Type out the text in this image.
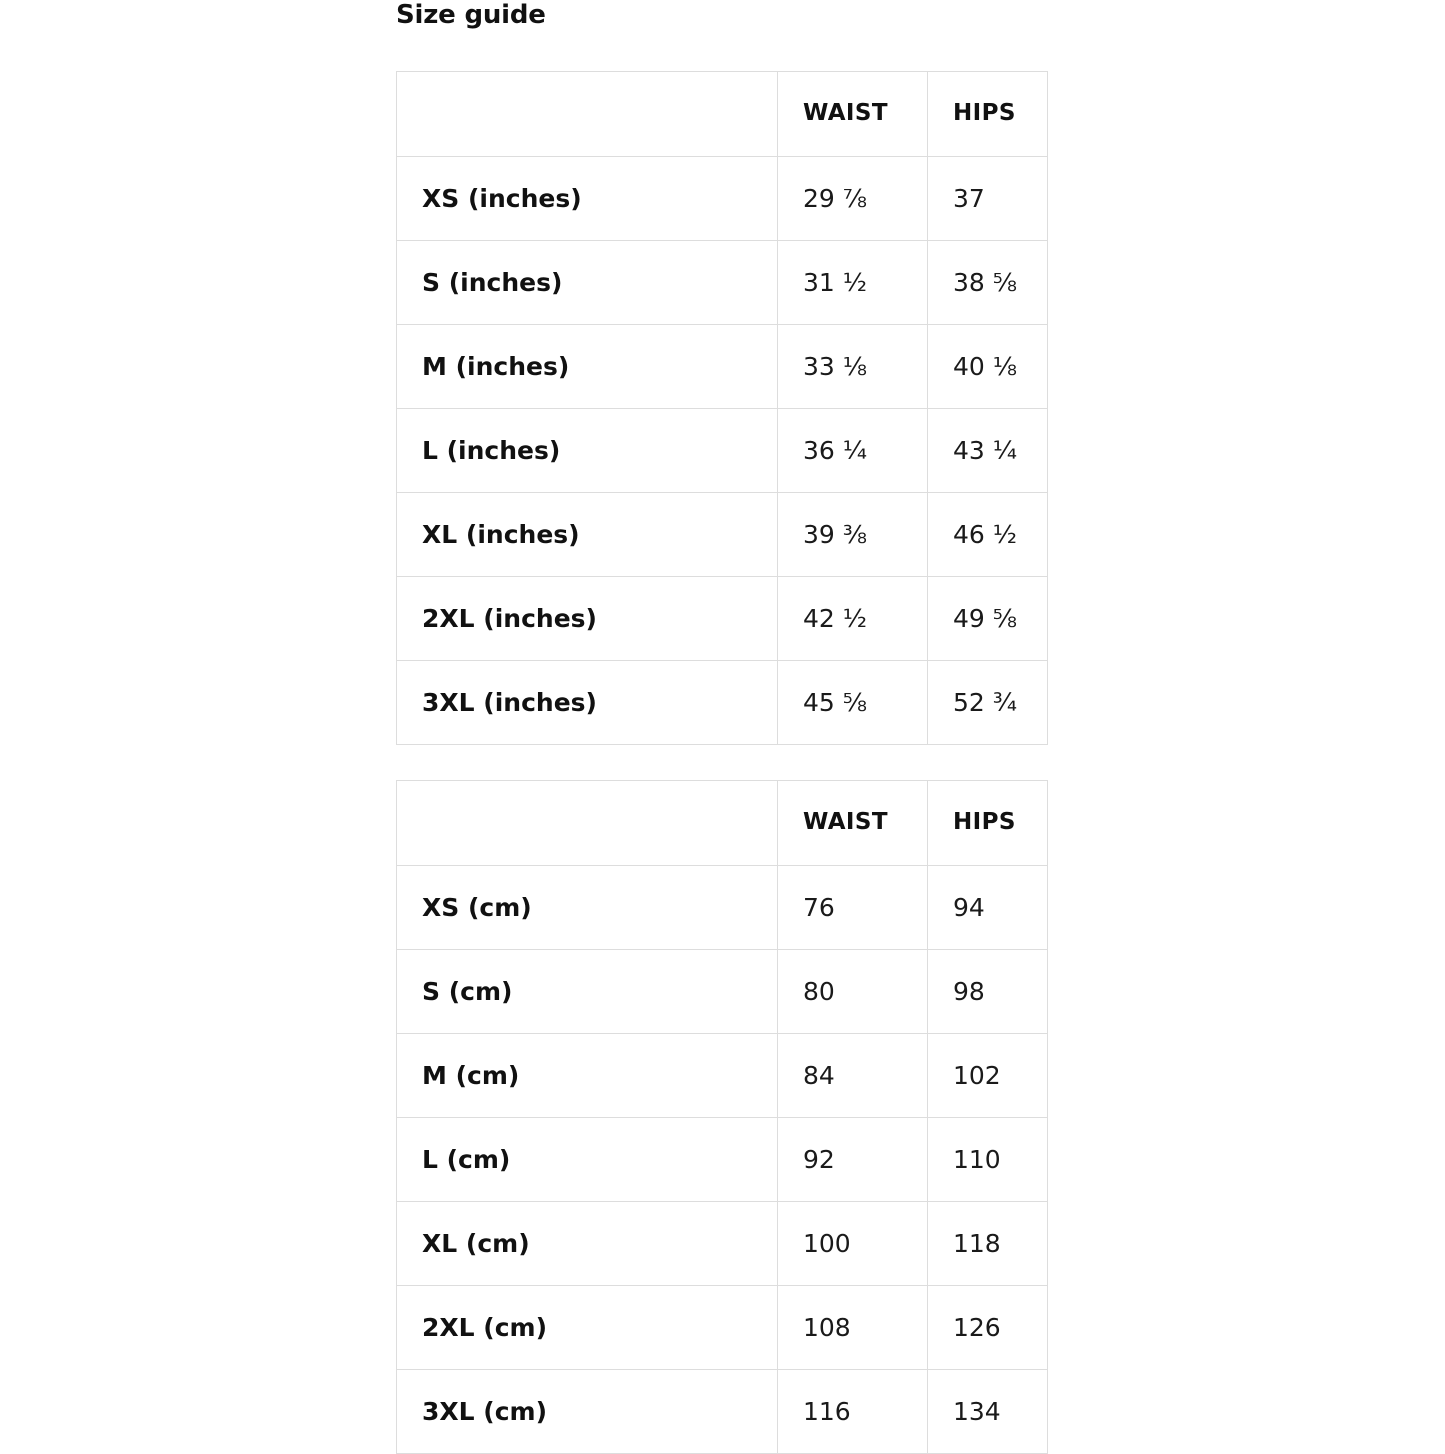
Size guide
	WAIST	HIPS
XS (inches)	29 ⅞	37
S (inches)	31 ½	38 ⅝
M (inches)	33 ⅛	40 ⅛
L (inches)	36 ¼	43 ¼
XL (inches)	39 ⅜	46 ½
2XL (inches)	42 ½	49 ⅝
3XL (inches)	45 ⅝	52 ¾
	WAIST	HIPS
XS (cm)	76	94
S (cm)	80	98
M (cm)	84	102
L (cm)	92	110
XL (cm)	100	118
2XL (cm)	108	126
3XL (cm)	116	134
